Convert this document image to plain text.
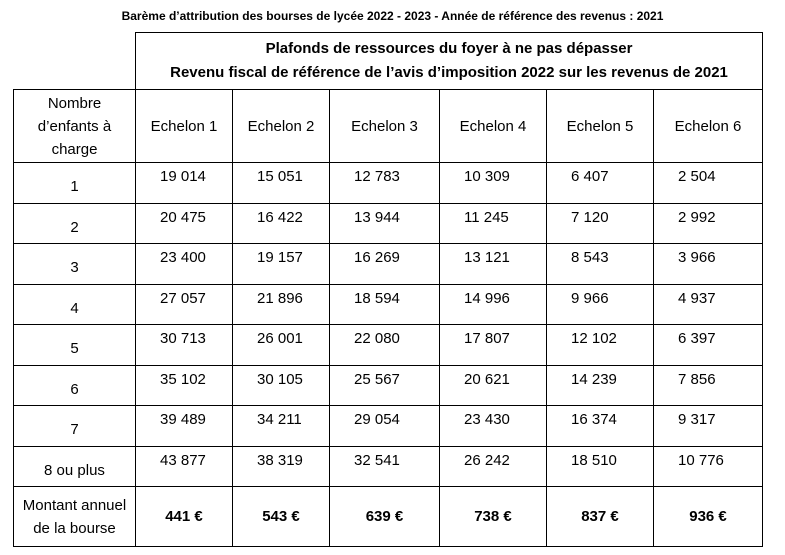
Barème d’attribution des bourses de lycée 2022 - 2023 - Année de référence des revenus : 2021

	Plafonds de ressources du foyer à ne pas dépasser
Revenu fiscal de référence de l’avis d’imposition 2022 sur les revenus de 2021					

Nombre
d’enfants à
charge	Echelon 1	Echelon 2	Echelon 3	Echelon 4	Echelon 5	Echelon 6
1	19 014	15 051	12 783	10 309	6 407	2 504
2	20 475	16 422	13 944	11 245	7 120	2 992
3	23 400	19 157	16 269	13 121	8 543	3 966
4	27 057	21 896	18 594	14 996	9 966	4 937
5	30 713	26 001	22 080	17 807	12 102	6 397
6	35 102	30 105	25 567	20 621	14 239	7 856
7	39 489	34 211	29 054	23 430	16 374	9 317
8 ou plus	43 877	38 319	32 541	26 242	18 510	10 776

Montant annuel
de la bourse	441 €	543 €	639 €	738 €	837 €	936 €
